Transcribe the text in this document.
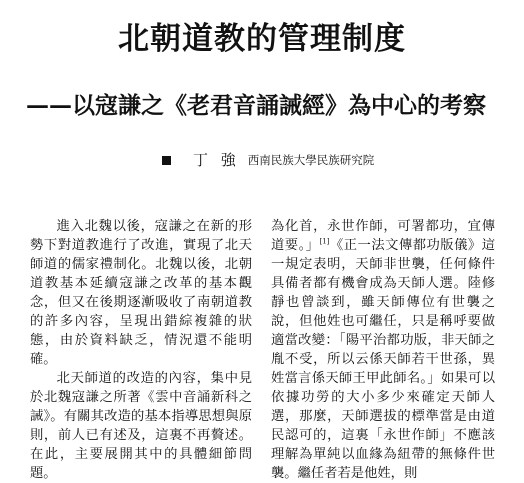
北朝道教的管理制度
——以寇謙之《老君音誦誡經》為中心的考察
丁 強 西南民族大學民族研究院

進入北魏以後，寇謙之在新的形勢下對道教進行了改進，實現了北天師道的儒家禮制化。北魏以後，北朝道教基本延續寇謙之改革的基本觀念，但又在後期逐漸吸收了南朝道教的許多內容，呈現出錯綜複雜的狀態，由於資料缺乏，情況還不能明確。

北天師道的改造的內容，集中見於北魏寇謙之所著《雲中音誦新科之誡》。有關其改造的基本指導思想與原則，前人已有述及，這裏不再贅述。在此，主要展開其中的具體細節問題。

為化首，永世作師，可署都功，宜傳道要。」[1]《正一法文傳都功版儀》這一規定表明，天師非世襲，任何條件具備者都有機會成為天師人選。陸修靜也曾談到，雖天師傳位有世襲之說，但他姓也可繼任，只是稱呼要做適當改變：「陽平治都功版，非天師之胤不受，所以云係天師若干世孫，異姓當言係天師王甲此師名。」如果可以依據功勞的大小多少來確定天師人選，那麼，天師選拔的標準當是由道民認可的，這裏「永世作師」不應該理解為單純以血緣為紐帶的無條件世襲。繼任者若是他姓，則
